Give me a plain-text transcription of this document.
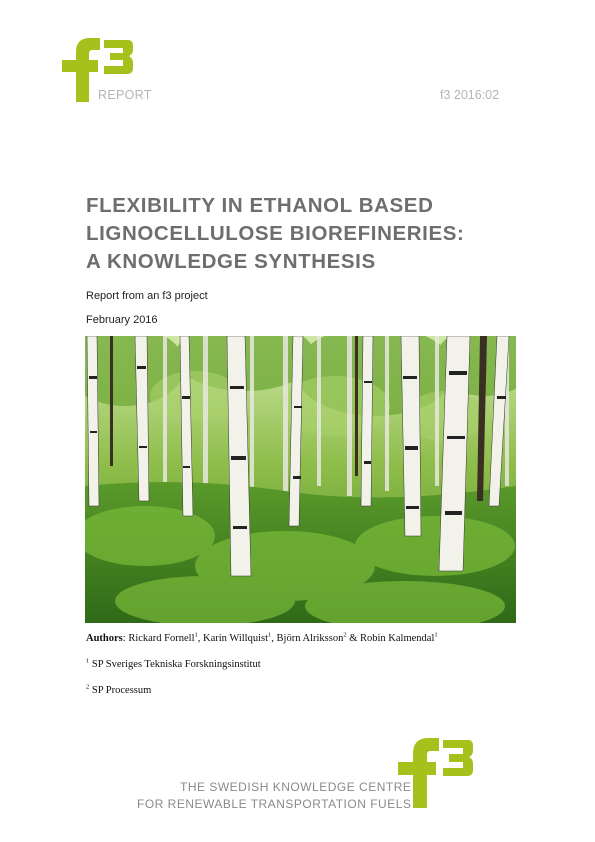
REPORT	f3 2016:02
FLEXIBILITY IN ETHANOL BASED
LIGNOCELLULOSE BIOREFINERIES:
A KNOWLEDGE SYNTHESIS
Report from an f3 project
February 2016
Authors: Rickard Fornell$^1$, Karin Willquist$^1$, Björn Alriksson$^2$ & Robin Kalmendal$^1$
$^1$ SP Sveriges Tekniska Forskningsinstitut
$^2$ SP Processum
THE SWEDISH KNOWLEDGE CENTRE
FOR RENEWABLE TRANSPORTATION FUELS
